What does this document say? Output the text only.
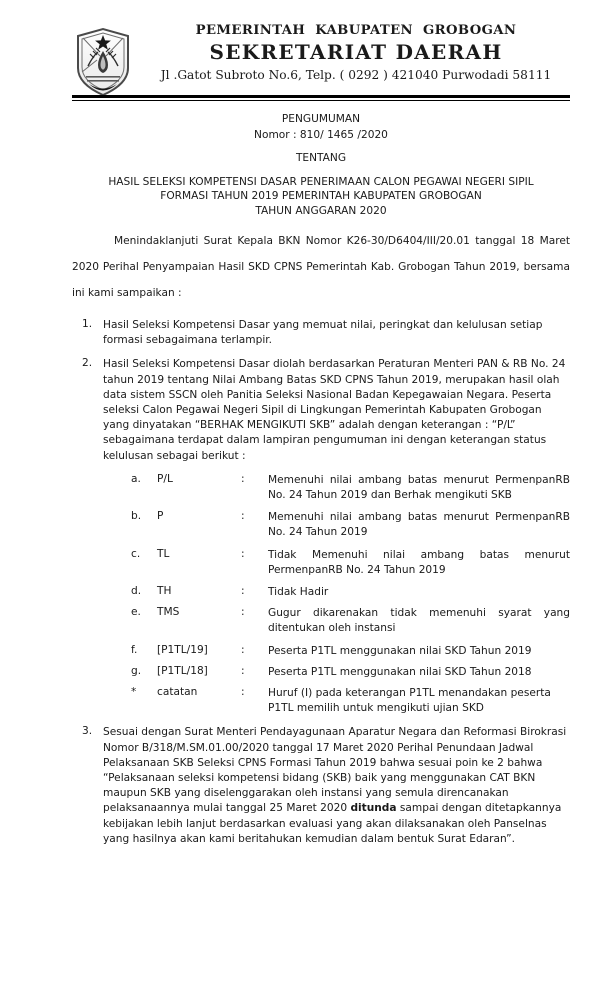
PEMERINTAH KABUPATEN GROBOGAN
SEKRETARIAT DAERAH
Jl .Gatot Subroto No.6, Telp. ( 0292 ) 421040 Purwodadi 58111
PENGUMUMAN
Nomor : 810/ 1465 /2020
TENTANG
HASIL SELEKSI KOMPETENSI DASAR PENERIMAAN CALON PEGAWAI NEGERI SIPIL
FORMASI TAHUN 2019 PEMERINTAH KABUPATEN GROBOGAN
TAHUN ANGGARAN 2020

Menindaklanjuti Surat Kepala BKN Nomor K26-30/D6404/III/20.01 tanggal 18 Maret 2020 Perihal Penyampaian Hasil SKD CPNS Pemerintah Kab. Grobogan Tahun 2019, bersama ini kami sampaikan :

1.	Hasil Seleksi Kompetensi Dasar yang memuat nilai, peringkat dan kelulusan setiap formasi sebagaimana terlampir.
2.	Hasil Seleksi Kompetensi Dasar diolah berdasarkan Peraturan Menteri PAN & RB No. 24 tahun 2019 tentang Nilai Ambang Batas SKD CPNS Tahun 2019, merupakan hasil olah data sistem SSCN oleh Panitia Seleksi Nasional Badan Kepegawaian Negara. Peserta seleksi Calon Pegawai Negeri Sipil di Lingkungan Pemerintah Kabupaten Grobogan yang dinyatakan “BERHAK MENGIKUTI SKB” adalah dengan keterangan : “P/L” sebagaimana terdapat dalam lampiran pengumuman ini dengan keterangan status kelulusan sebagai berikut :
a.	P/L	:	Memenuhi nilai ambang batas menurut PermenpanRB No. 24 Tahun 2019 dan Berhak mengikuti SKB
b.	P	:	Memenuhi nilai ambang batas menurut PermenpanRB No. 24 Tahun 2019
c.	TL	:	Tidak Memenuhi nilai ambang batas menurut PermenpanRB No. 24 Tahun 2019
d.	TH	:	Tidak Hadir
e.	TMS	:	Gugur dikarenakan tidak memenuhi syarat yang ditentukan oleh instansi
f.	[P1TL/19]	:	Peserta P1TL menggunakan nilai SKD Tahun 2019
g.	[P1TL/18]	:	Peserta P1TL menggunakan nilai SKD Tahun 2018
*	catatan	:	Huruf (I) pada keterangan P1TL menandakan peserta P1TL memilih untuk mengikuti ujian SKD
3.	Sesuai dengan Surat Menteri Pendayagunaan Aparatur Negara dan Reformasi Birokrasi Nomor B/318/M.SM.01.00/2020 tanggal 17 Maret 2020 Perihal Penundaan Jadwal Pelaksanaan SKB Seleksi CPNS Formasi Tahun 2019 bahwa sesuai poin ke 2 bahwa “Pelaksanaan seleksi kompetensi bidang (SKB) baik yang menggunakan CAT BKN maupun SKB yang diselenggarakan oleh instansi yang semula direncanakan pelaksanaannya mulai tanggal 25 Maret 2020 ditunda sampai dengan ditetapkannya kebijakan lebih lanjut berdasarkan evaluasi yang akan dilaksanakan oleh Panselnas yang hasilnya akan kami beritahukan kemudian dalam bentuk Surat Edaran”.
